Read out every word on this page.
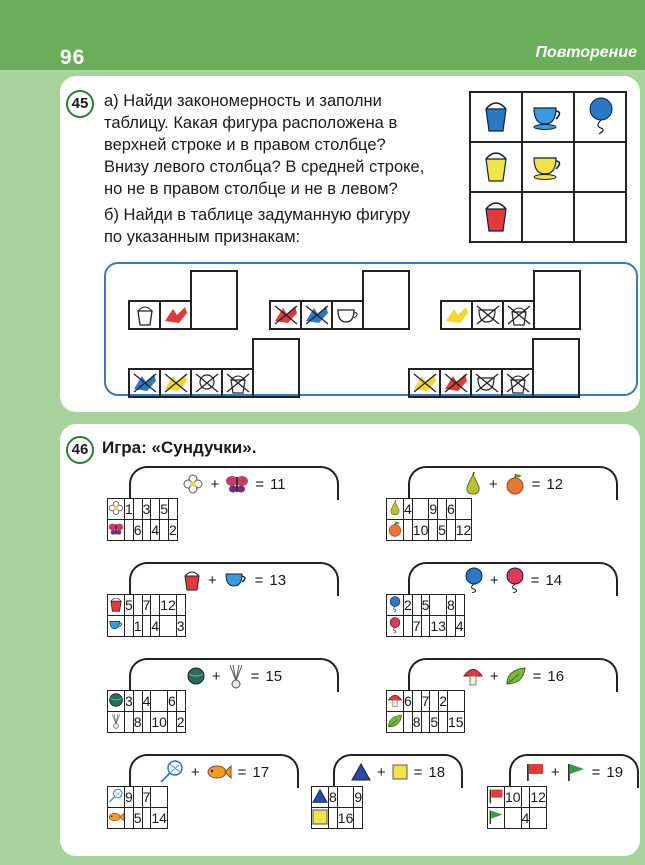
96	Повторение
45 а) Найди закономерность и заполни
таблицу. Какая фигура расположена в
верхней строке и в правом столбце?
Внизу левого столбца? В средней строке,
но не в правом столбце и не в левом?
б) Найди в таблице задуманную фигуру
по указанным признакам:

46 Игра: «Сундучки».
+ = 11
	1		3		5	
		6		4		2
+ = 12
	4		9		6	
		10		5		12
+	= 13
	5		7		12	
		1		4		3
+ = 14
	2		5		8	
		7		13		4
+ = 15
	3		4		6	
		8		10		2
+ = 16
	6		7		2	
		8		5		15
+	= 17
	9		7	
		5		14
+ = 18
	8		9
		16	
+ = 19
	10		12
		4	
